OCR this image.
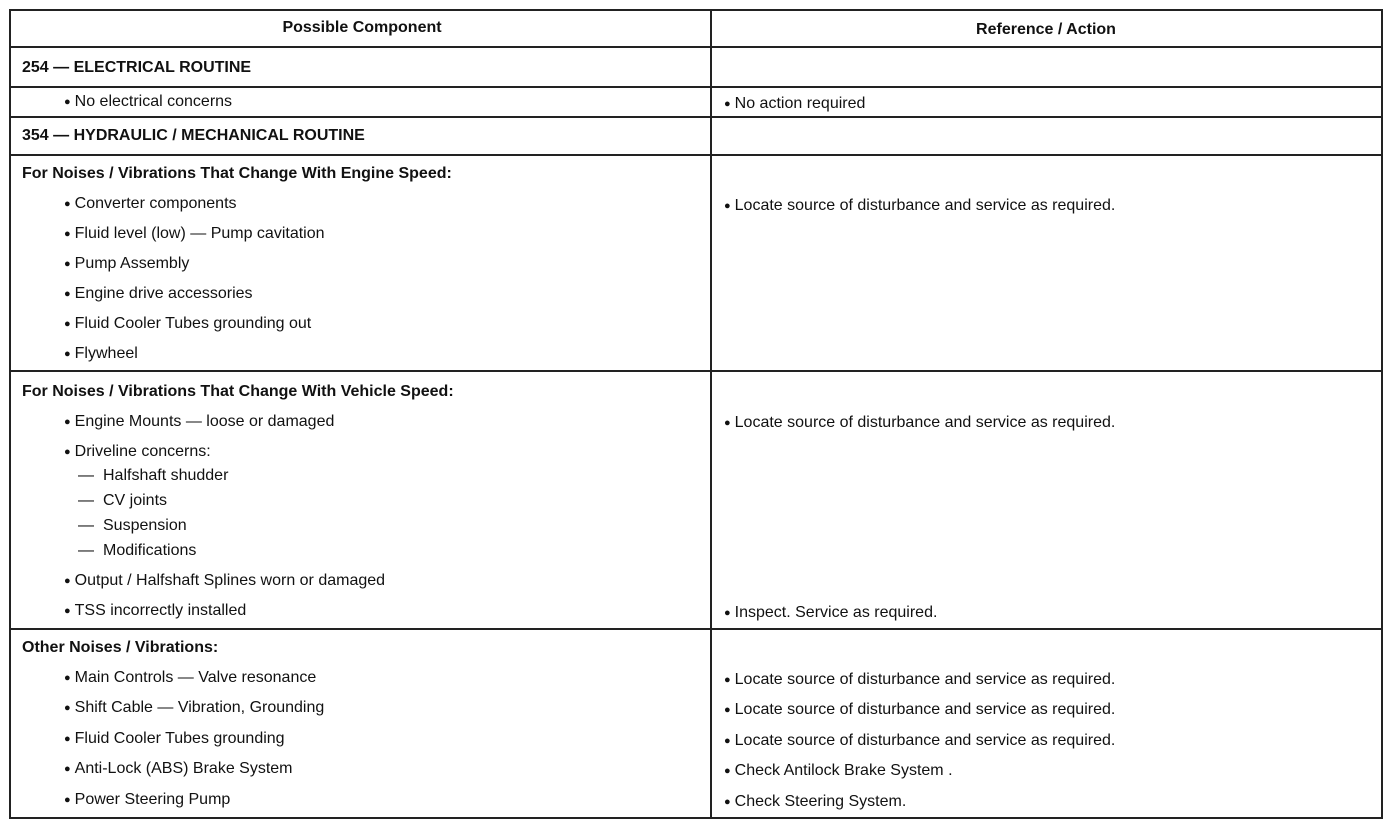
Possible Component	Reference / Action
254 — ELECTRICAL ROUTINE
● No electrical concerns
●	No action required
354 — HYDRAULIC / MECHANICAL ROUTINE
For Noises / Vibrations That Change With Engine Speed:
● Converter components
● Fluid level (low) — Pump cavitation
● Pump Assembly
● Engine drive accessories
● Fluid Cooler Tubes grounding out
● Flywheel
● Locate source of disturbance and service as required.
For Noises / Vibrations That Change With Vehicle Speed:
● Engine Mounts — loose or damaged
● Driveline concerns:
— Halfshaft shudder
— CV joints
— Suspension
— Modifications
● Output / Halfshaft Splines worn or damaged
● TSS incorrectly installed
● Locate source of disturbance and service as required.
● Inspect. Service as required.
Other Noises / Vibrations:
● Main Controls — Valve resonance
● Shift Cable — Vibration, Grounding
● Fluid Cooler Tubes grounding
● Anti-Lock (ABS) Brake System
● Power Steering Pump
● Locate source of disturbance and service as required.
● Locate source of disturbance and service as required.
● Locate source of disturbance and service as required.
● Check Antilock Brake System .
● Check Steering System.
